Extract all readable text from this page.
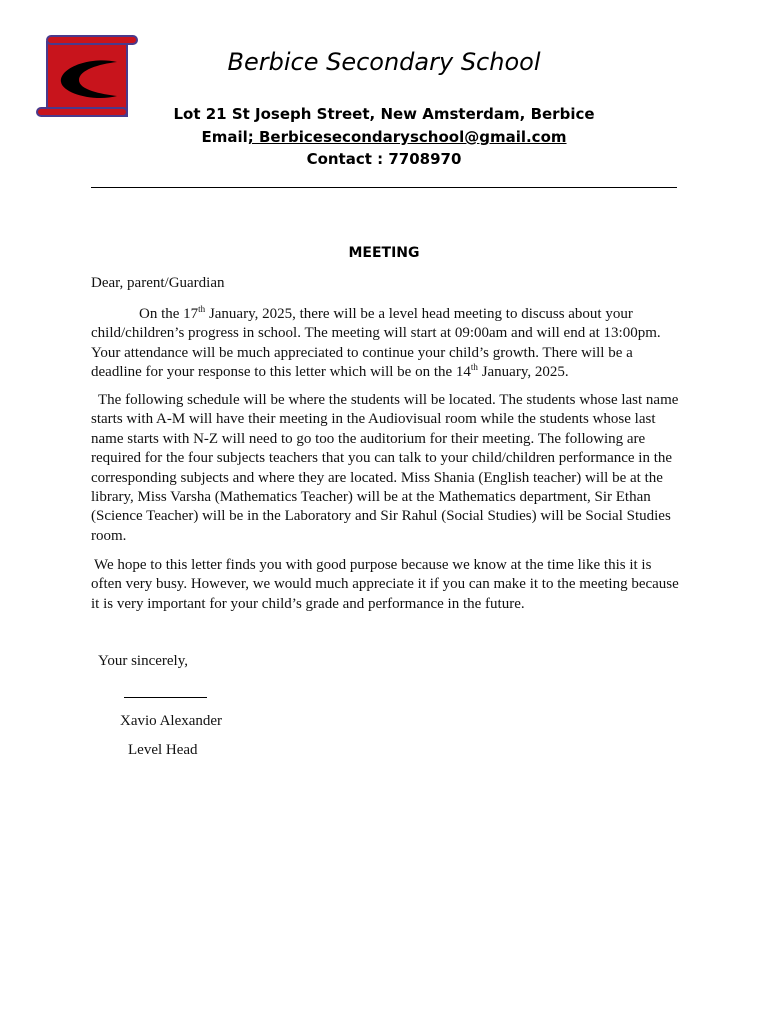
Berbice Secondary School
Lot 21 St Joseph Street, New Amsterdam, Berbice
Email; Berbicesecondaryschool@gmail.com
Contact : 7708970
MEETING
Dear, parent/Guardian
On the 17th January, 2025, there will be a level head meeting to discuss about your child/children’s progress in school. The meeting will start at 09:00am and will end at 13:00pm. Your attendance will be much appreciated to continue your child’s growth. There will be a deadline for your response to this letter which will be on the 14th January, 2025.
The following schedule will be where the students will be located. The students whose last name starts with A-M will have their meeting in the Audiovisual room while the students whose last name starts with N-Z will need to go too the auditorium for their meeting. The following are required for the four subjects teachers that you can talk to your child/children performance in the corresponding subjects and where they are located. Miss Shania (English teacher) will be at the library, Miss Varsha (Mathematics Teacher) will be at the Mathematics department, Sir Ethan (Science Teacher) will be in the Laboratory and Sir Rahul (Social Studies) will be Social Studies room.
We hope to this letter finds you with good purpose because we know at the time like this it is often very busy. However, we would much appreciate it if you can make it to the meeting because it is very important for your child’s grade and performance in the future.
Your sincerely,
Xavio Alexander
Level Head
